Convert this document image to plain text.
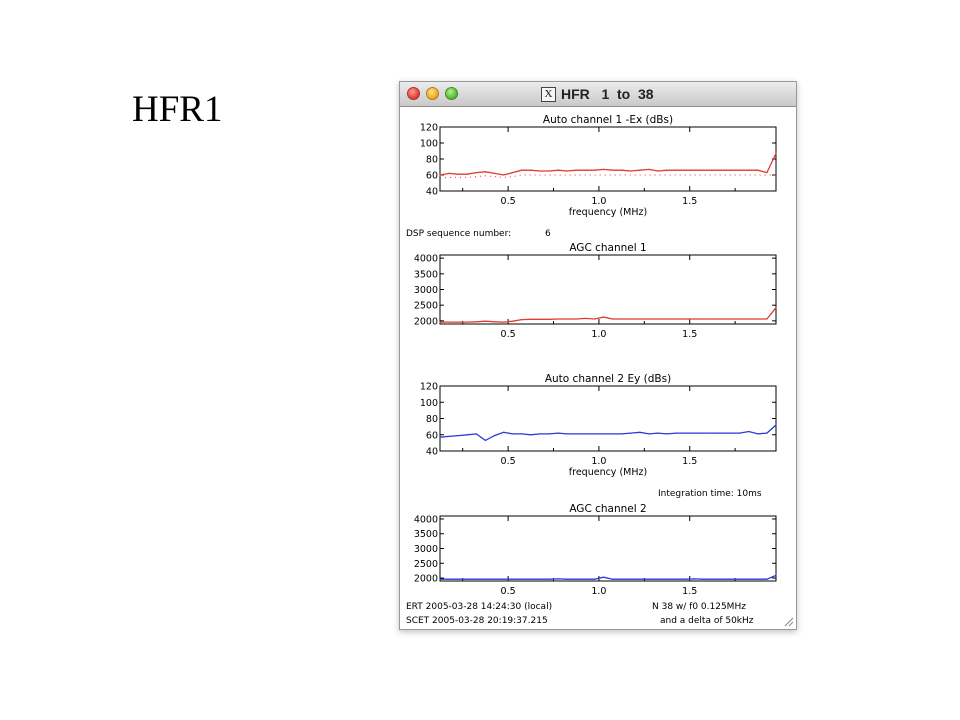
HFR1	X HFR   1  to  38
DSP sequence number:	6
Integration time: 10ms
ERT 2005-03-28 14:24:30 (local)
SCET 2005-03-28 20:19:37.215
N 38 w/ f0 0.125MHz
and a delta of 50kHz
Auto channel 1 -Ex (dBs)
40
60
80
100
120
0.5	1.0	1.5
frequency (MHz)
AGC channel 1
2000
2500
3000
3500
4000
0.5	1.0	1.5
Auto channel 2 Ey (dBs)
40
60
80
100
120
0.5	1.0	1.5
frequency (MHz)
AGC channel 2
2000
2500
3000
3500
4000
0.5	1.0	1.5
